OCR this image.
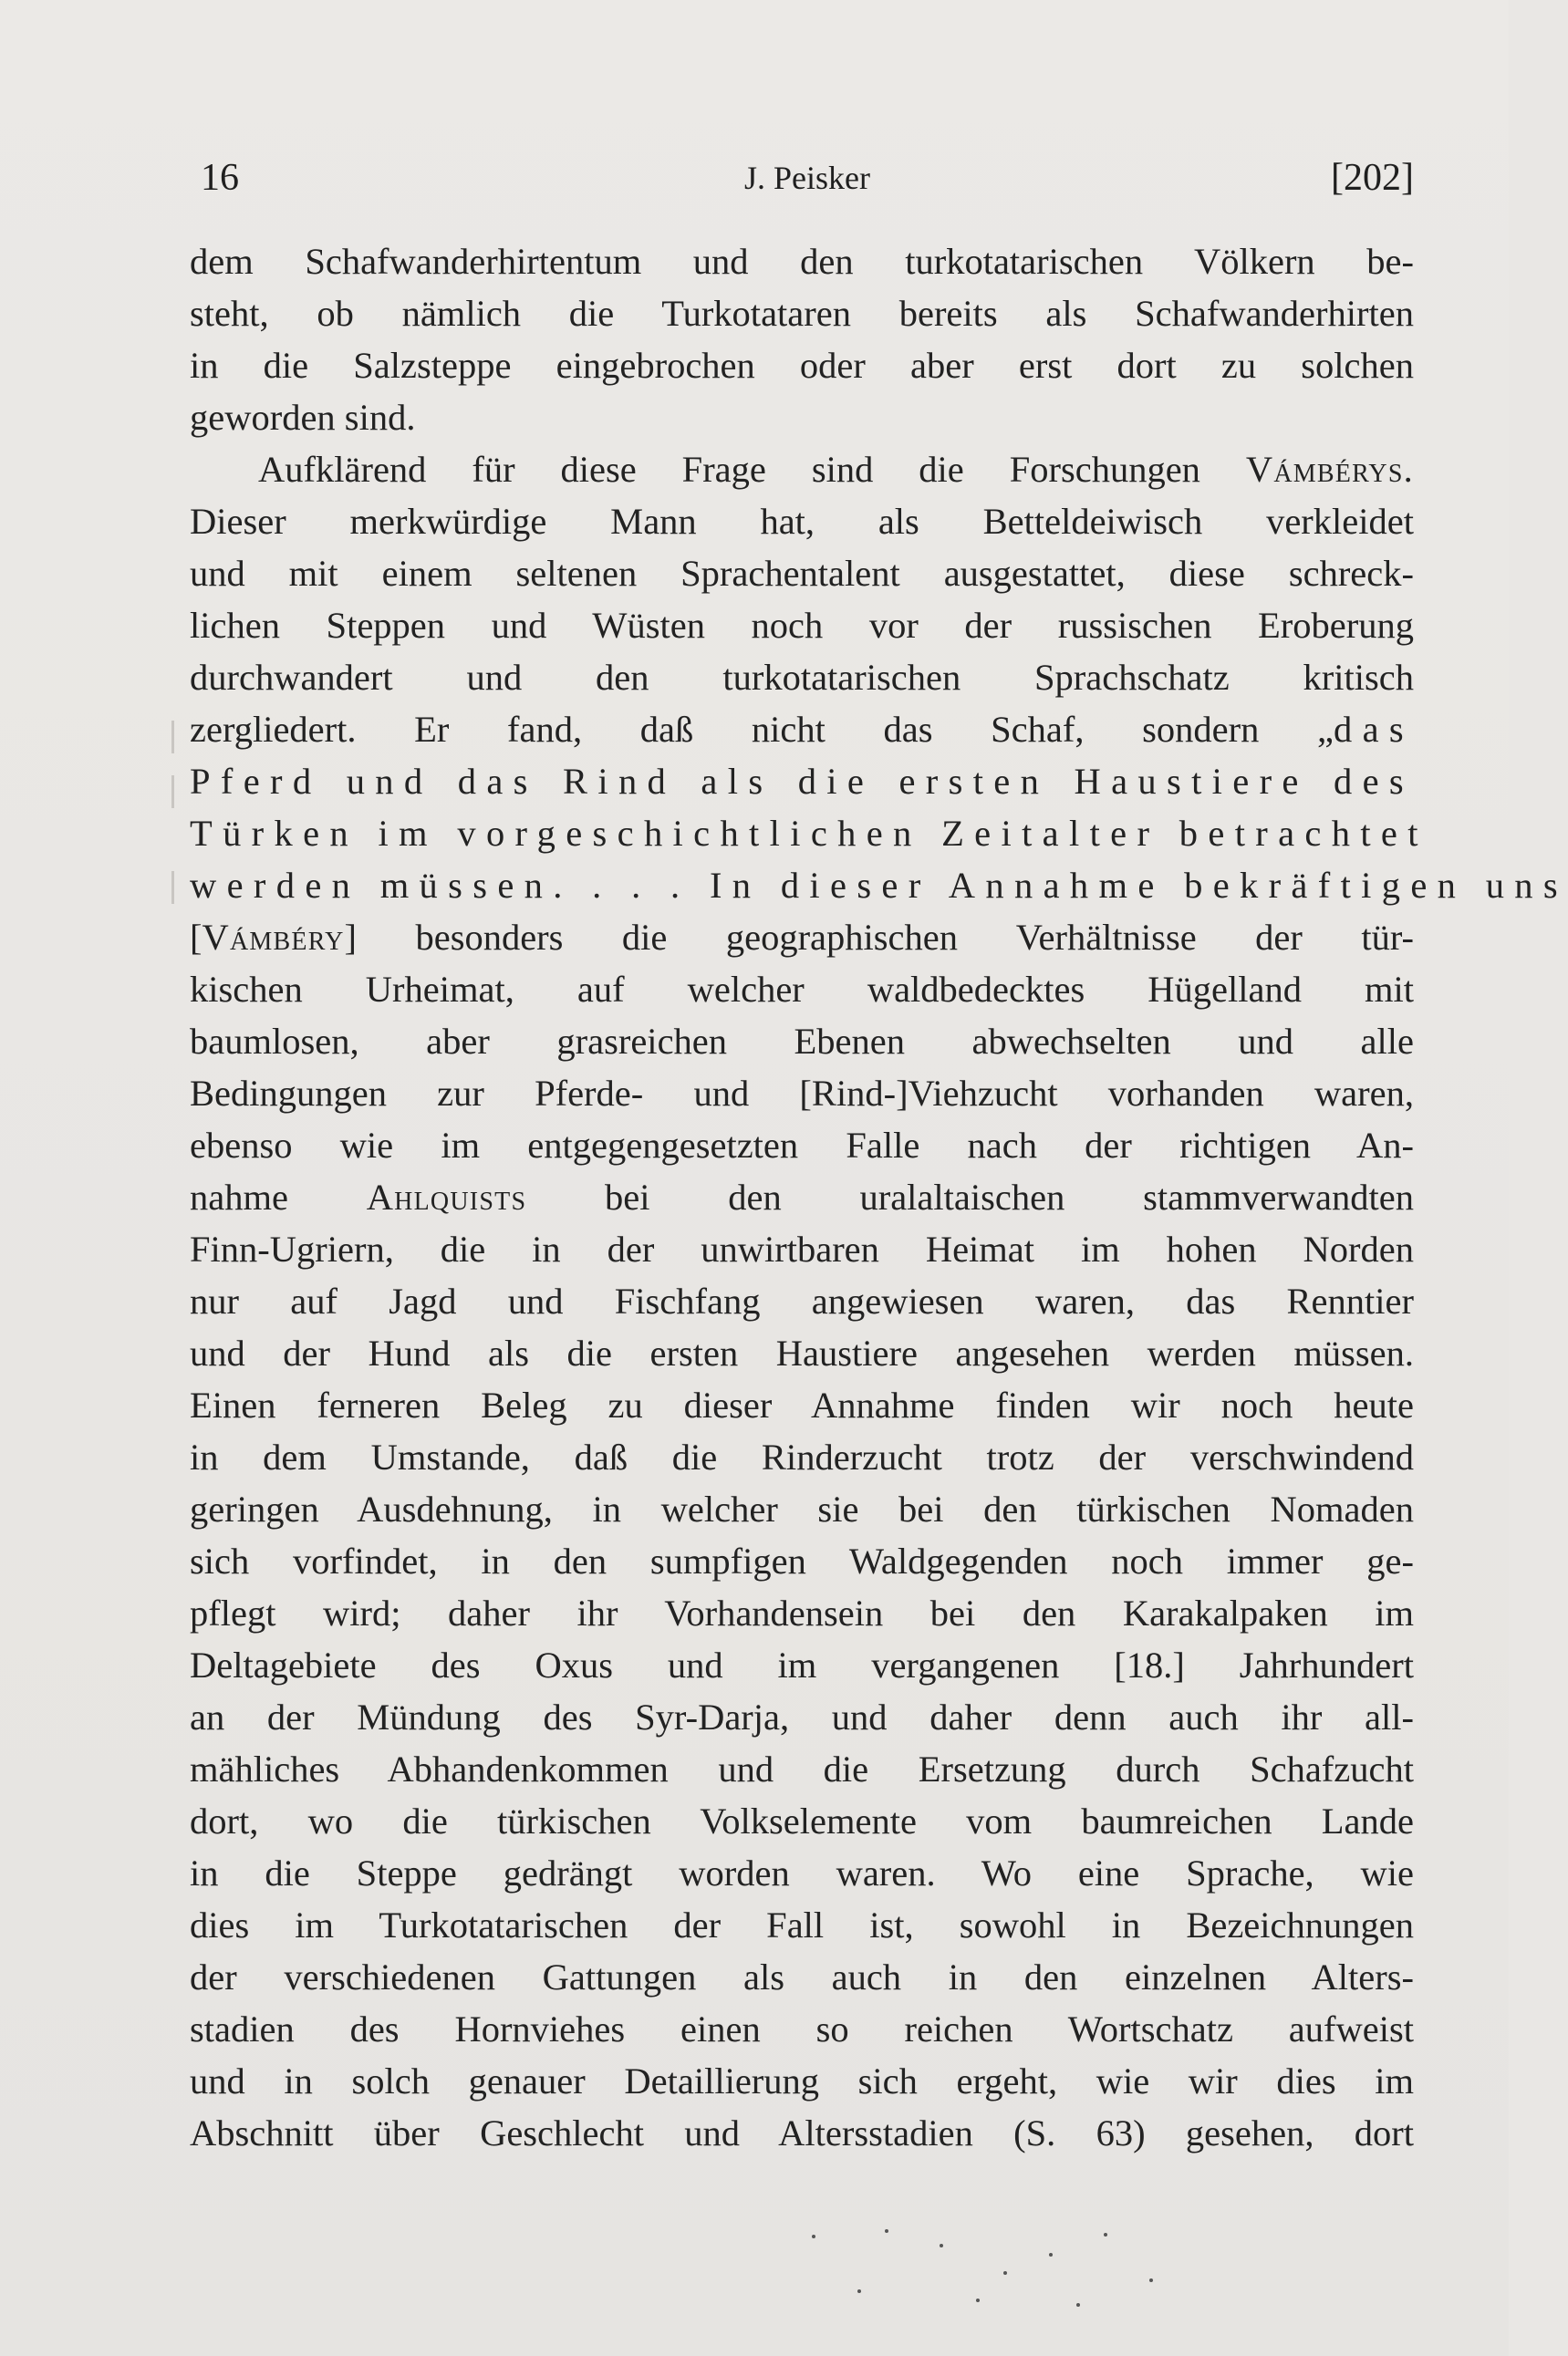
16	J. Peisker	[202]
dem Schafwanderhirtentum und den turkotatarischen Völkern be-
steht, ob nämlich die Turkotataren bereits als Schafwanderhirten
in die Salzsteppe eingebrochen oder aber erst dort zu solchen
geworden sind.
Aufklärend für diese Frage sind die Forschungen Vámbérys.
Dieser merkwürdige Mann hat, als Betteldeiwisch verkleidet
und mit einem seltenen Sprachentalent ausgestattet, diese schreck-
lichen Steppen und Wüsten noch vor der russischen Eroberung
durchwandert und den turkotatarischen Sprachschatz kritisch
zergliedert. Er fand, daß nicht das Schaf, sondern „das
Pferd und das Rind als die ersten Haustiere des
Türken im vorgeschichtlichen Zeitalter betrachtet
werden müssen. . . . In dieser Annahme bekräftigen uns
[Vámbéry] besonders die geographischen Verhältnisse der tür-
kischen Urheimat, auf welcher waldbedecktes Hügelland mit
baumlosen, aber grasreichen Ebenen abwechselten und alle
Bedingungen zur Pferde- und [Rind-]Viehzucht vorhanden waren,
ebenso wie im entgegengesetzten Falle nach der richtigen An-
nahme Ahlquists bei den uralaltaischen stammverwandten
Finn-Ugriern, die in der unwirtbaren Heimat im hohen Norden
nur auf Jagd und Fischfang angewiesen waren, das Renntier
und der Hund als die ersten Haustiere angesehen werden müssen.
Einen ferneren Beleg zu dieser Annahme finden wir noch heute
in dem Umstande, daß die Rinderzucht trotz der verschwindend
geringen Ausdehnung, in welcher sie bei den türkischen Nomaden
sich vorfindet, in den sumpfigen Waldgegenden noch immer ge-
pflegt wird; daher ihr Vorhandensein bei den Karakalpaken im
Deltagebiete des Oxus und im vergangenen [18.] Jahrhundert
an der Mündung des Syr-Darja, und daher denn auch ihr all-
mähliches Abhandenkommen und die Ersetzung durch Schafzucht
dort, wo die türkischen Volkselemente vom baumreichen Lande
in die Steppe gedrängt worden waren. Wo eine Sprache, wie
dies im Turkotatarischen der Fall ist, sowohl in Bezeichnungen
der verschiedenen Gattungen als auch in den einzelnen Alters-
stadien des Hornviehes einen so reichen Wortschatz aufweist
und in solch genauer Detaillierung sich ergeht, wie wir dies im
Abschnitt über Geschlecht und Altersstadien (S. 63) gesehen, dort
